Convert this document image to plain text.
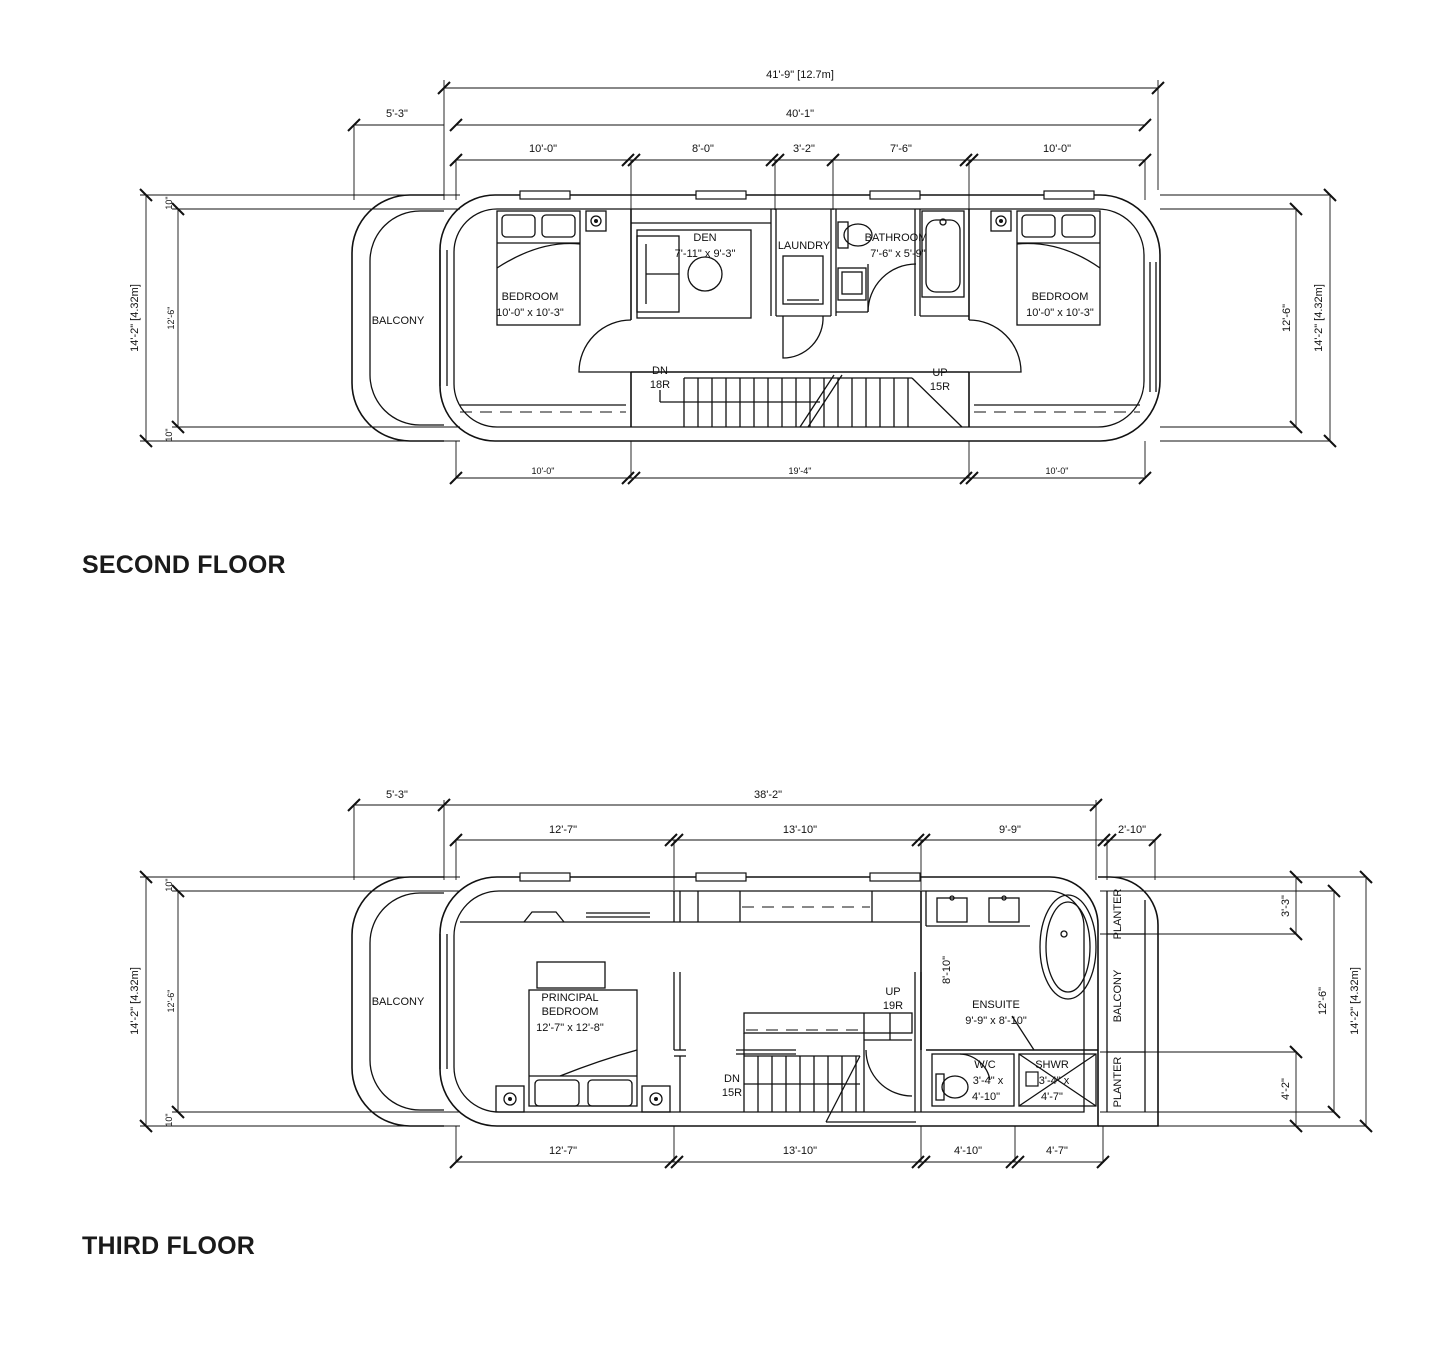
41'-9" [12.7m]
40'-1"
5'-3"
10'-0"	8'-0"	3'-2"	7'-6"	10'-0"
14'-2" [4.32m]	12'-6"
10"
10"
12'-6" 14'-2" [4.32m]
10'-0"	19'-4"	10'-0"
BALCONY
DN
18R
UP
15R
BEDROOM
10'-0" x 10'-3"
DEN
7'-11" x 9'-3"
LAUNDRY
BATHROOM
7'-6" x 5'-9"
BEDROOM
10'-0" x 10'-3"
5'-3"	38'-2"
12'-7"	13'-10"	9'-9"	2'-10"
14'-2" [4.32m]	12'-6"
10"
10"
3'-3"
4'-2"
12'-6" 14'-2" [4.32m]
12'-7"	13'-10"	4'-10"	4'-7"
BALCONY
PLANTER
BALCONY
PLANTER
PRINCIPAL
BEDROOM
12'-7" x 12'-8"
UP
19R
DN
15R
8'-10"
ENSUITE
9'-9" x 8'-10"
W/C
3'-4" x
4'-10"
SHWR
3'-4" x
4'-7"
SECOND FLOOR
THIRD FLOOR
